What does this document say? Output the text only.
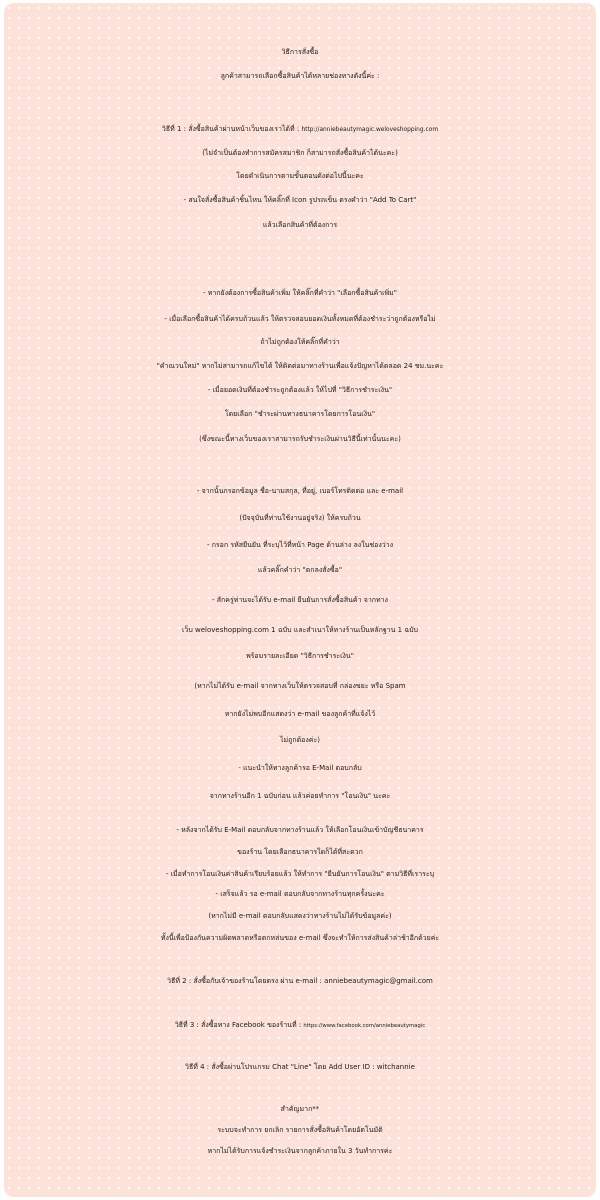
วิธีการสั่งซื้อ
ลูกค้าสามารถเลือกซื้อสินค้าได้หลายช่องทางดังนี้ค่ะ :
วิธีที่ 1 : สั่งซื้อสินค้าผ่านหน้าเว็บของเราได้ที่ : http://anniebeautymagic.weloveshopping.com
(ไม่จำเป็นต้องทำการสมัครสมาชิก ก็สามารถสั่งซื้อสินค้าได้นะคะ)
โดยดำเนินการตามขั้นตอนดังต่อไปนี้นะคะ
- สนใจสั่งซื้อสินค้าชิ้นไหน ให้คลิ๊กที่ Icon รูปรถเข็น ตรงคำว่า "Add To Cart"
แล้วเลือกสินค้าที่ต้องการ
- หากยังต้องการซื้อสินค้าเพิ่ม ให้คลิ๊กที่คำว่า "เลือกซื้อสินค้าเพิ่ม"
- เมื่อเลือกซื้อสินค้าได้ครบถ้วนแล้ว ให้ตรวจสอบยอดเงินทั้งหมดที่ต้องชำระว่าถูกต้องหรือไม่
ถ้าไม่ถูกต้องให้คลิ๊กที่คำว่า
"คำณวนใหม่" หากไม่สามารถแก้ไขได้ ให้ติดต่อมาทางร้านเพื่อแจ้งปัญหาได้ตลอด 24 ชม.นะคะ
- เมื่อยอดเงินที่ต้องชำระถูกต้องแล้ว ให้ไปที่ "วิธีการชำระเงิน"
โดยเลือก "ชำระผ่านทางธนาคารโดยการโอนเงิน"
(ซึ่งขณะนี้ทางเว็บของเราสามารถรับชำระเงินผ่านวิธีนี้เท่านั้นนะคะ)
- จากนั้นกรอกข้อมูล ชื่อ-นามสกุล, ที่อยู่, เบอร์โทรติดต่อ และ e-mail
(ปัจจุบันที่ท่านใช้งานอยู่จริง) ให้ครบถ้วน
- กรอก รหัสยืนยัน ที่ระบุไว้ที่หน้า Page ด้านล่าง ลงในช่องว่าง
แล้วคลิ๊กคำว่า "ตกลงสั่งซื้อ"
- สักครู่ท่านจะได้รับ e-mail ยืนยันการสั่งซื้อสินค้า จากทาง
เว็บ weloveshopping.com 1 ฉบับ และสำเนาให้ทางร้านเป็นหลักฐาน 1 ฉบับ
พร้อมรายละเอียด "วิธีการชำระเงิน"
(หากไม่ได้รับ e-mail จากทางเว็บให้ตรวจสอบที่ กล่องขยะ หรือ Spam
หากยังไม่พบอีกแสดงว่า e-mail ของลูกค้าที่แจ้งไว้
ไม่ถูกต้องค่ะ)
- แนะนำให้ทางลูกค้ารอ E-Mail ตอบกลับ
จากทางร้านอีก 1 ฉบับก่อน แล้วค่อยทำการ "โอนเงิน" นะคะ
- หลังจากได้รับ E-Mail ตอบกลับจากทางร้านแล้ว ให้เลือกโอนเงินเข้าบัญชีธนาคาร
ของร้าน โดยเลือกธนาคารใดก็ได้ที่สะดวก
- เมื่อทำการโอนเงินค่าสินค้าเรียบร้อยแล้ว ให้ทำการ "ยืนยันการโอนเงิน" ตามวิธีที่เราระบุ
- เสร็จแล้ว รอ e-mail ตอบกลับจากทางร้านทุกครั้งนะคะ
(หากไม่มี e-mail ตอบกลับแสดงว่าทางร้านไม่ได้รับข้อมูลค่ะ)
ทั้งนี้เพื่อป้องกันความผิดพลาดหรือตกหล่นของ e-mail ซึ่งจะทำให้การส่งสินค้าล่าช้าอีกด้วยค่ะ
วิธีที่ 2 : สั่งซื้อกับเจ้าของร้านโดยตรง ผ่าน e-mail : anniebeautymagic@gmail.com
วิธีที่ 3 : สั่งซื้อทาง Facebook ของร้านที่ : https://www.facebook.com/anniebeautymagic
วิธีที่ 4 : สั่งซื้อผ่านโปรแกรม Chat "Line" โดย Add User ID : witchannie
สำคัญมาก**
ระบบจะทำการ ยกเลิก รายการสั่งซื้อสินค้าโดยอัตโนมัติ
หากไม่ได้รับการแจ้งชำระเงินจากลูกค้าภายใน 3 วันทำการค่ะ
